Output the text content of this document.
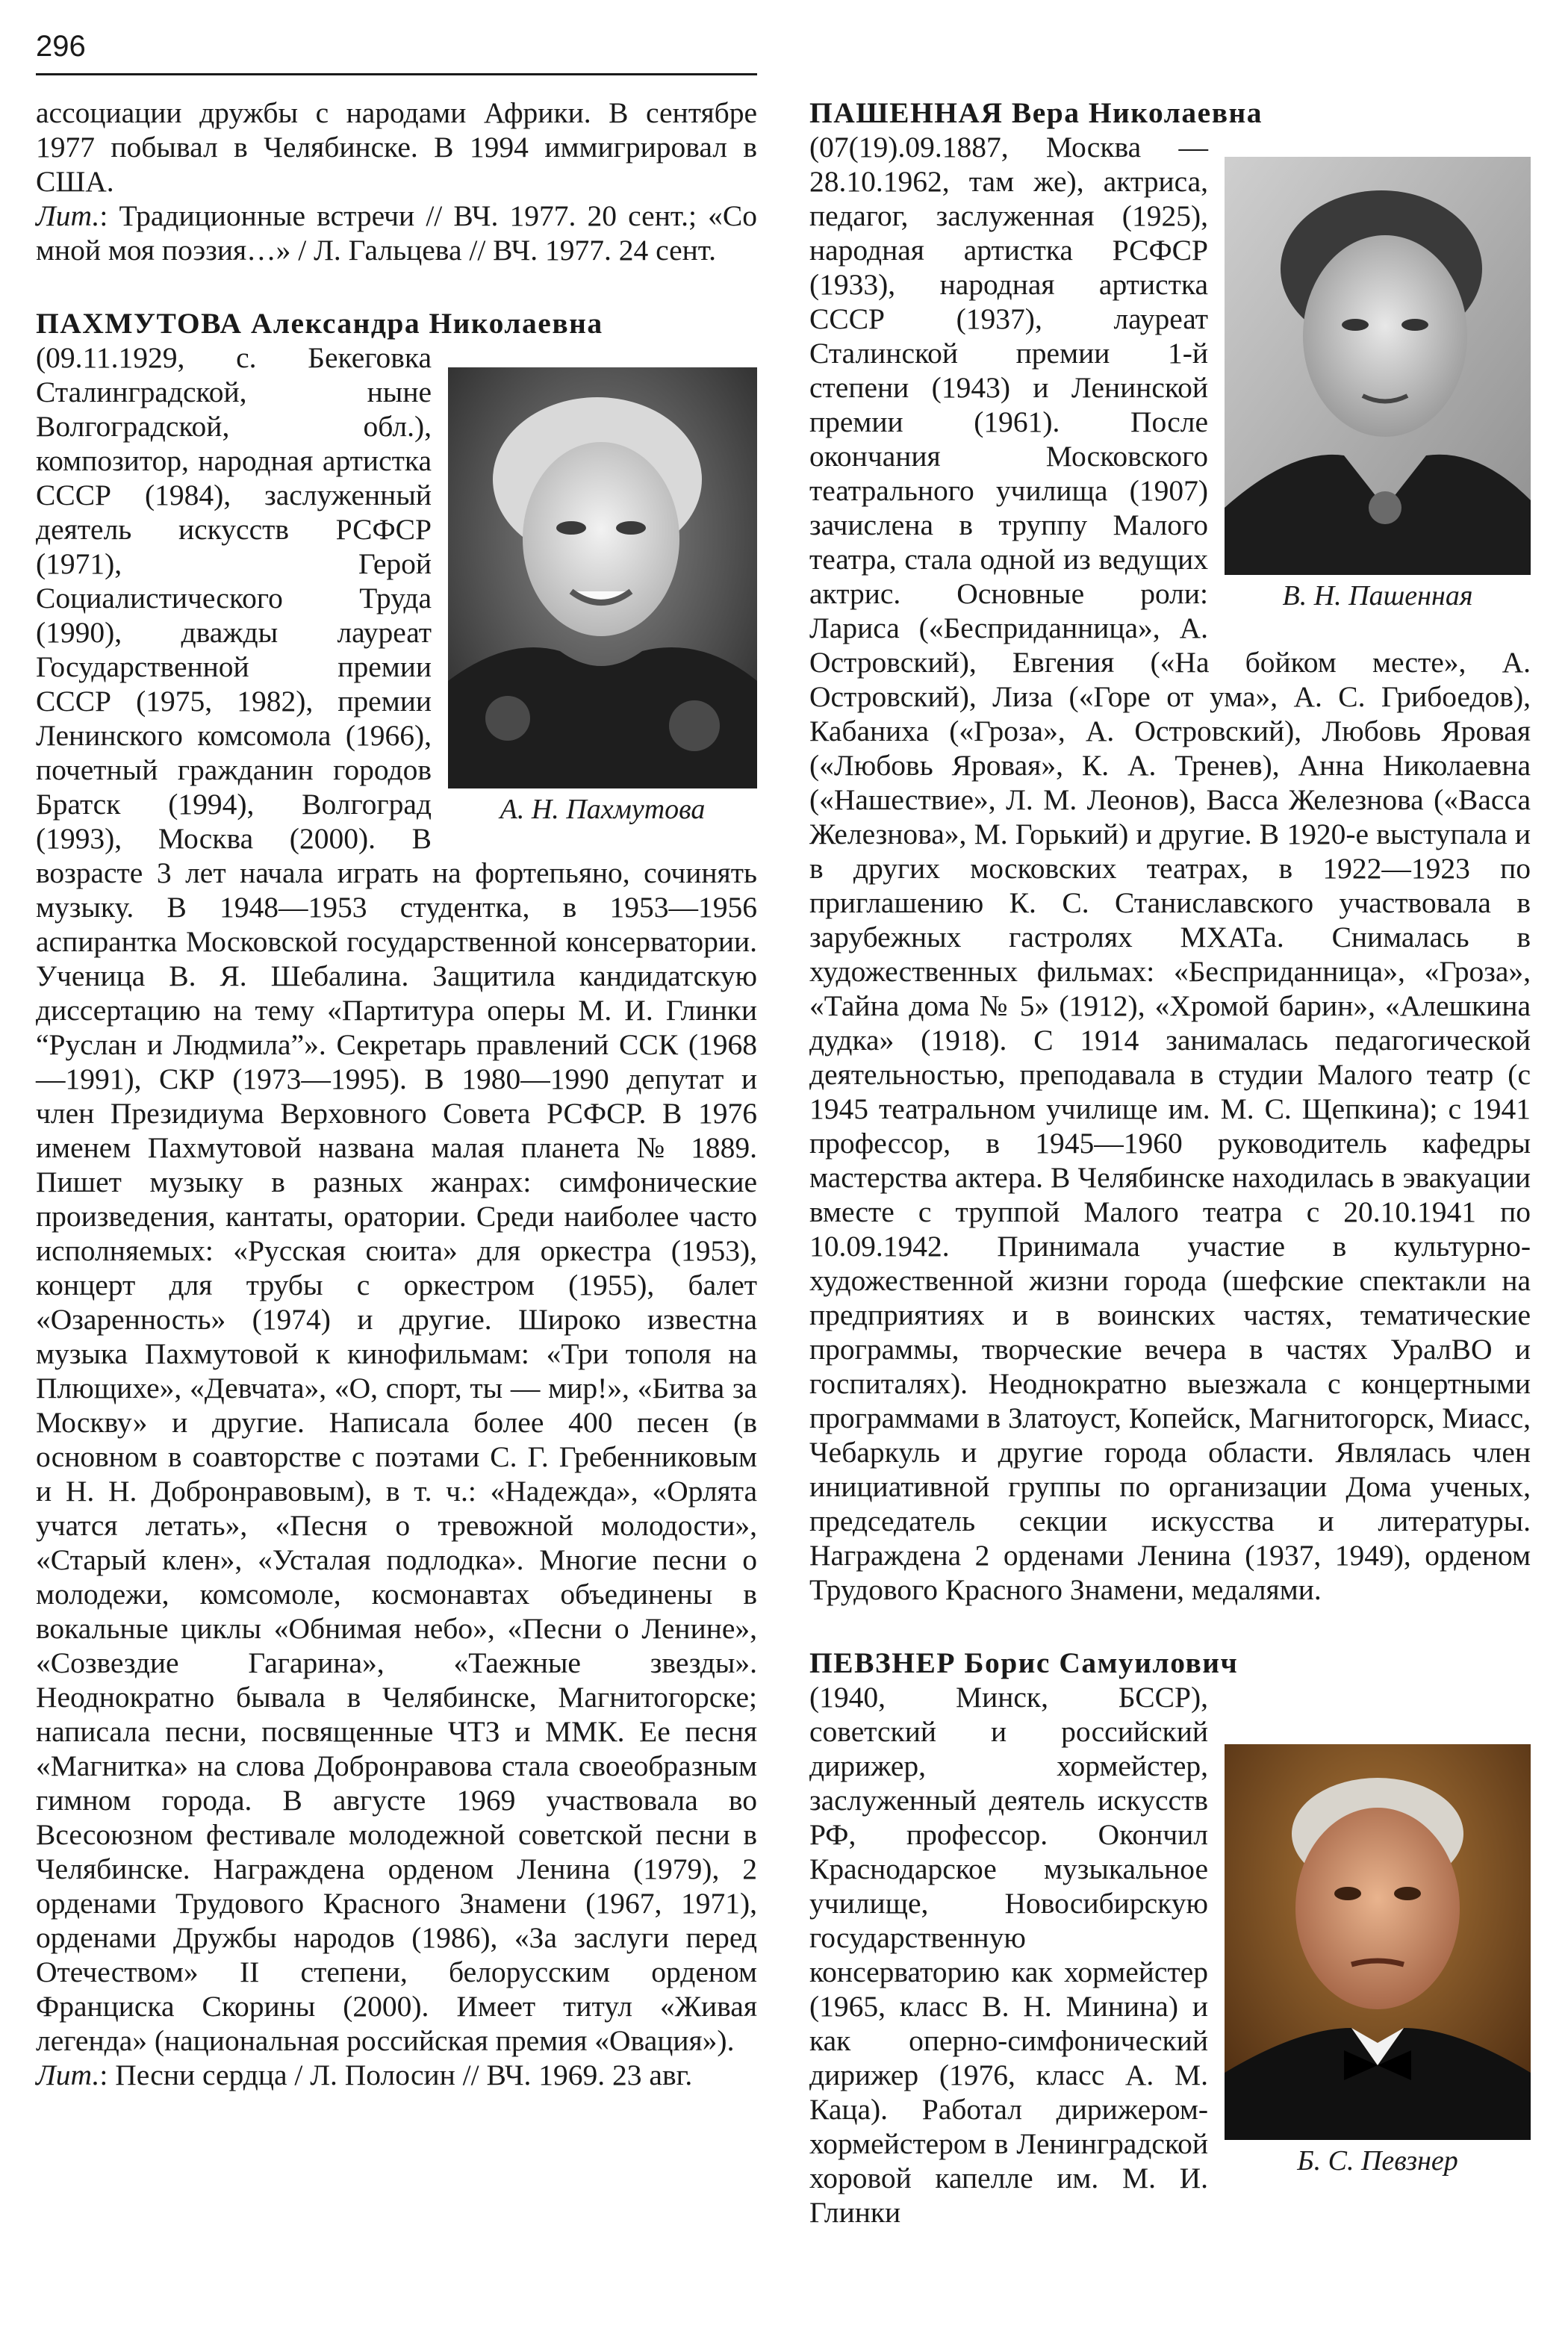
296

ассоциации дружбы с народами Африки. В сентябре 1977 побывал в Челябинске. В 1994 иммигрировал в США.

Лит.: Традиционные встречи // ВЧ. 1977. 20 сент.; «Со мной моя поэзия…» / Л. Гальцева // ВЧ. 1977. 24 сент.

ПАХМУТОВА Александра Николаевна

А. Н. Пахмутова
(09.11.1929, с. Бекеговка Сталинградской, ныне Волгоградской, обл.), композитор, народная артистка СССР (1984), заслуженный деятель искусств РСФСР (1971), Герой Социалистического Труда (1990), дважды лауреат Государственной премии СССР (1975, 1982), премии Ленинского комсомола (1966), почетный гражданин городов Братск (1994), Волгоград (1993), Москва (2000). В возрасте 3 лет начала играть на фортепьяно, сочинять музыку. В 1948—1953 студентка, в 1953—1956 аспирантка Московской государственной консерватории. Ученица В. Я. Шебалина. Защитила кандидатскую диссертацию на тему «Партитура оперы М. И. Глинки “Руслан и Людмила”». Секретарь правлений ССК (1968—1991), СКР (1973—1995). В 1980—1990 депутат и член Президиума Верховного Совета РСФСР. В 1976 именем Пахмутовой названа малая планета № 1889. Пишет музыку в разных жанрах: симфонические произведения, кантаты, оратории. Среди наиболее часто исполняемых: «Русская сюита» для оркестра (1953), концерт для трубы с оркестром (1955), балет «Озаренность» (1974) и другие. Широко известна музыка Пахмутовой к кинофильмам: «Три тополя на Плющихе», «Девчата», «О, спорт, ты — мир!», «Битва за Москву» и другие. Написала более 400 песен (в основном в соавторстве с поэтами С. Г. Гребенниковым и Н. Н. Добронравовым), в т. ч.: «Надежда», «Орлята учатся летать», «Песня о тревожной молодости», «Старый клен», «Усталая подлодка». Многие песни о молодежи, комсомоле, космонавтах объединены в вокальные циклы «Обнимая небо», «Песни о Ленине», «Созвездие Гагарина», «Таежные звезды». Неоднократно бывала в Челябинске, Магнитогорске; написала песни, посвященные ЧТЗ и ММК. Ее песня «Магнитка» на слова Добронравова стала своеобразным гимном города. В августе 1969 участвовала во Всесоюзном фестивале молодежной советской песни в Челябинске. Награждена орденом Ленина (1979), 2 орденами Трудового Красного Знамени (1967, 1971), орденами Дружбы народов (1986), «За заслуги перед Отечеством» II степени, белорусским орденом Франциска Скорины (2000). Имеет титул «Живая легенда» (национальная российская премия «Овация»).

Лит.: Песни сердца / Л. Полосин // ВЧ. 1969. 23 авг.

ПАШЕННАЯ Вера Николаевна

В. Н. Пашенная
(07(19).09.1887, Москва — 28.10.1962, там же), актриса, педагог, заслуженная (1925), народная артистка РСФСР (1933), народная артистка СССР (1937), лауреат Сталинской премии 1-й степени (1943) и Ленинской премии (1961). После окончания Московского театрального училища (1907) зачислена в труппу Малого театра, стала одной из ведущих актрис. Основные роли: Лариса («Бесприданница», А. Островский), Евгения («На бойком месте», А. Островский), Лиза («Горе от ума», А. С. Грибоедов), Кабаниха («Гроза», А. Островский), Любовь Яровая («Любовь Яровая», К. А. Тренев), Анна Николаевна («Нашествие», Л. М. Леонов), Васса Железнова («Васса Железнова», М. Горький) и другие. В 1920-е выступала и в других московских театрах, в 1922—1923 по приглашению К. С. Станиславского участвовала в зарубежных гастролях МХАТа. Снималась в художественных фильмах: «Бесприданница», «Гроза», «Тайна дома № 5» (1912), «Хромой барин», «Алешкина дудка» (1918). С 1914 занималась педагогической деятельностью, преподавала в студии Малого театр (с 1945 театральном училище им. М. С. Щепкина); с 1941 профессор, в 1945—1960 руководитель кафедры мастерства актера. В Челябинске находилась в эвакуации вместе с труппой Малого театра с 20.10.1941 по 10.09.1942. Принимала участие в культурно-художественной жизни города (шефские спектакли на предприятиях и в воинских частях, тематические программы, творческие вечера в частях УралВО и госпиталях). Неоднократно выезжала с концертными программами в Златоуст, Копейск, Магнитогорск, Миасс, Чебаркуль и другие города области. Являлась член инициативной группы по организации Дома ученых, председатель секции искусства и литературы. Награждена 2 орденами Ленина (1937, 1949), орденом Трудового Красного Знамени, медалями.

ПЕВЗНЕР Борис Самуилович

Б. С. Певзнер
(1940, Минск, БССР), советский и российский дирижер, хормейстер, заслуженный деятель искусств РФ, профессор. Окончил Краснодарское музыкальное училище, Новосибирскую государственную консерваторию как хормейстер (1965, класс В. Н. Минина) и как оперно-симфонический дирижер (1976, класс А. М. Каца). Работал дирижером-хормейстером в Ленинградской хоровой капелле им. М. И. Глинки
